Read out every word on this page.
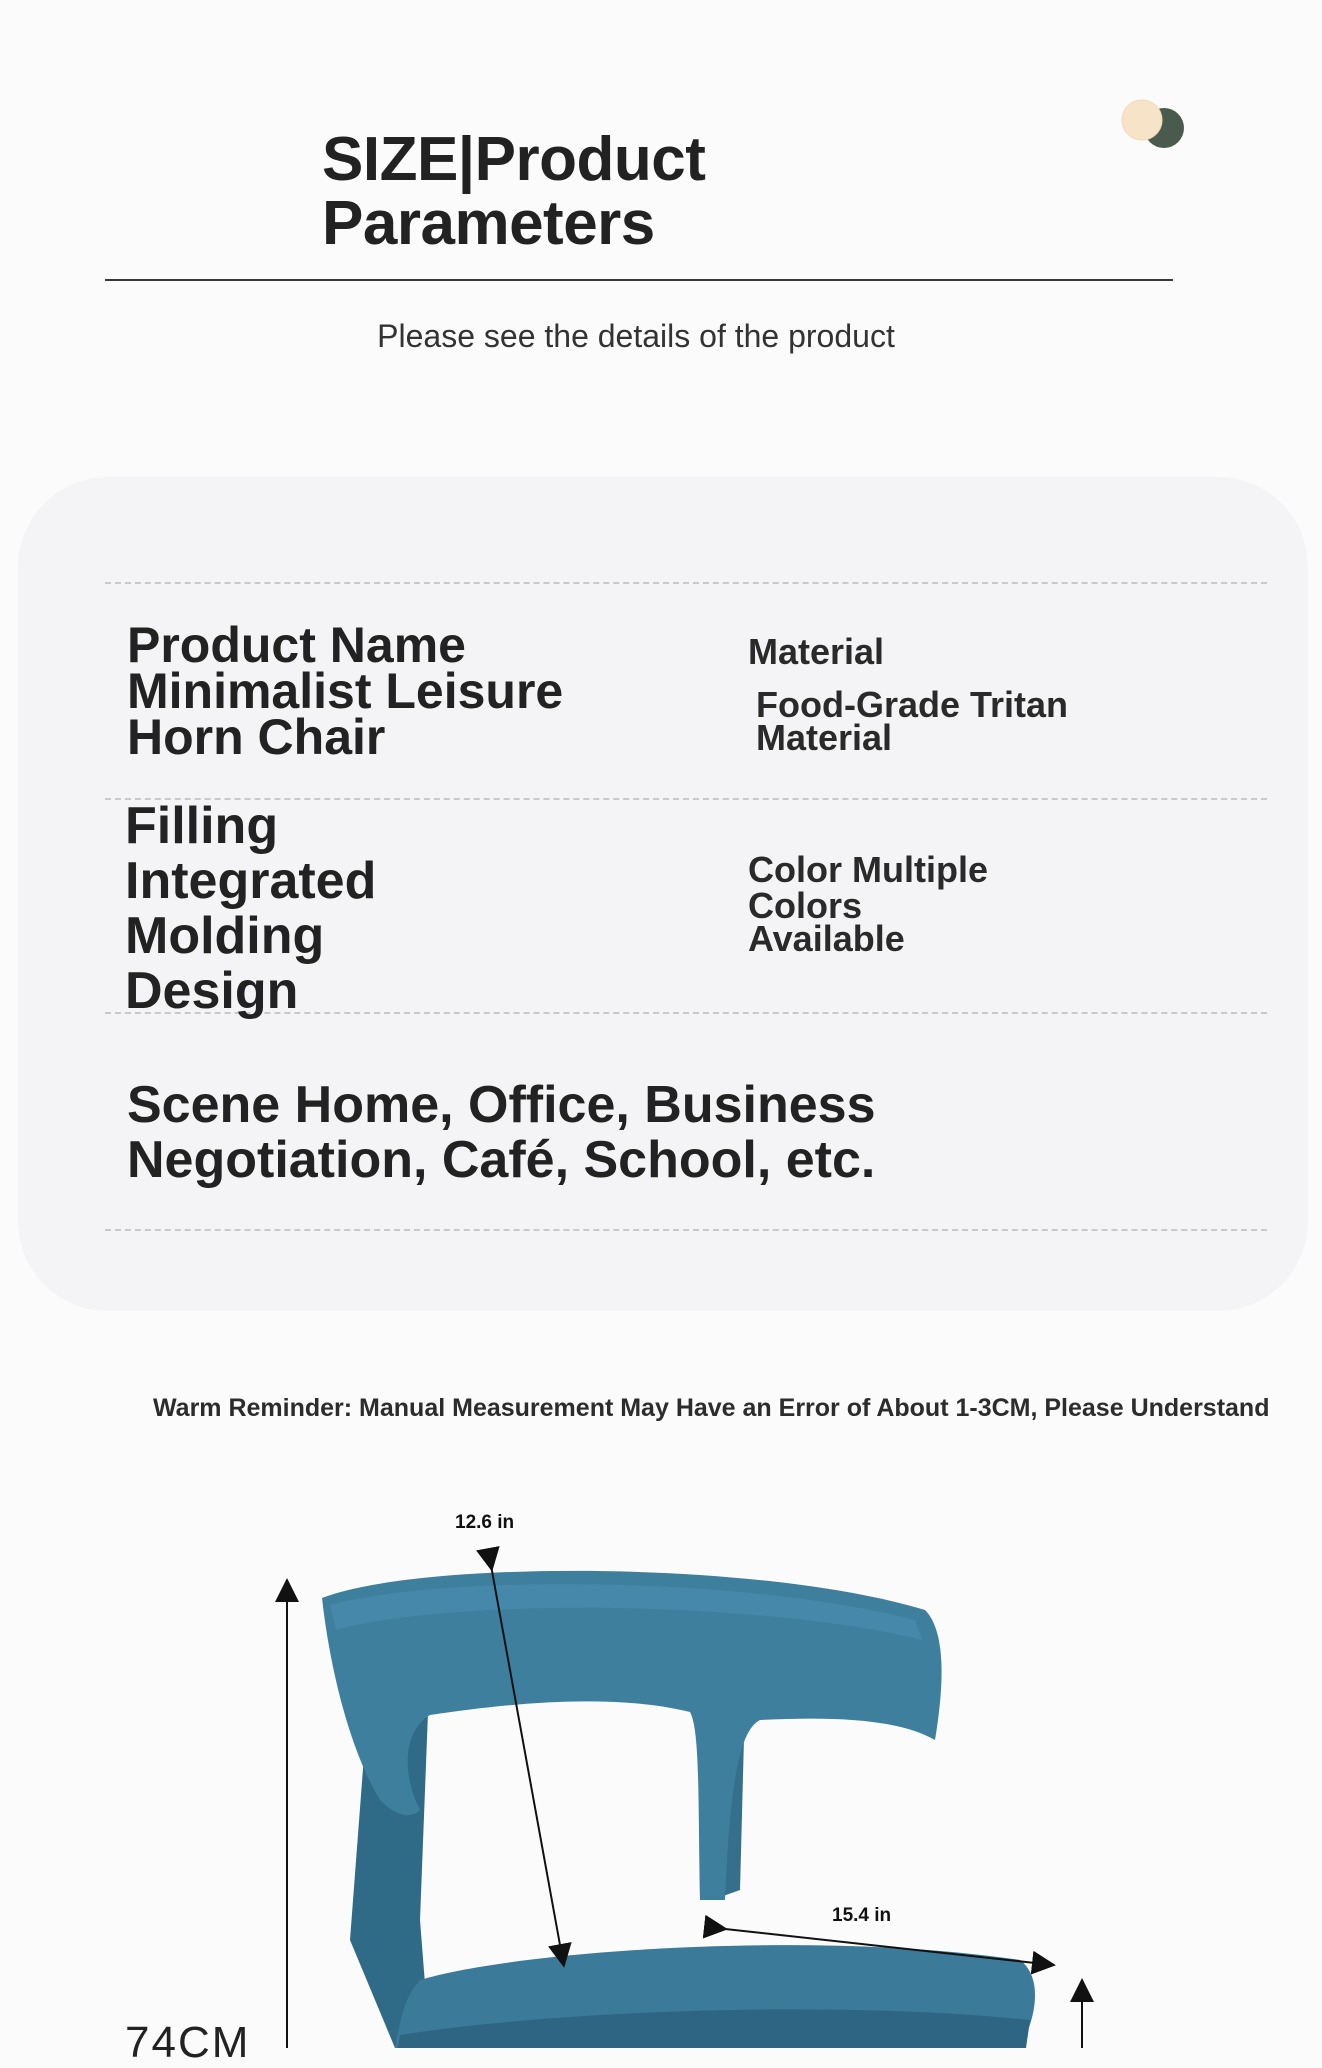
SIZE|Product
Parameters
Please see the details of the product
Product Name
Minimalist Leisure
Horn Chair
Material
Food-Grade Tritan
Material
Filling
Integrated
Molding
Design
Color Multiple
Colors
Available
Scene Home, Office, Business
Negotiation, Café, School, etc.
Warm Reminder: Manual Measurement May Have an Error of About 1-3CM, Please Understand
12.6 in
15.4 in
74CM
